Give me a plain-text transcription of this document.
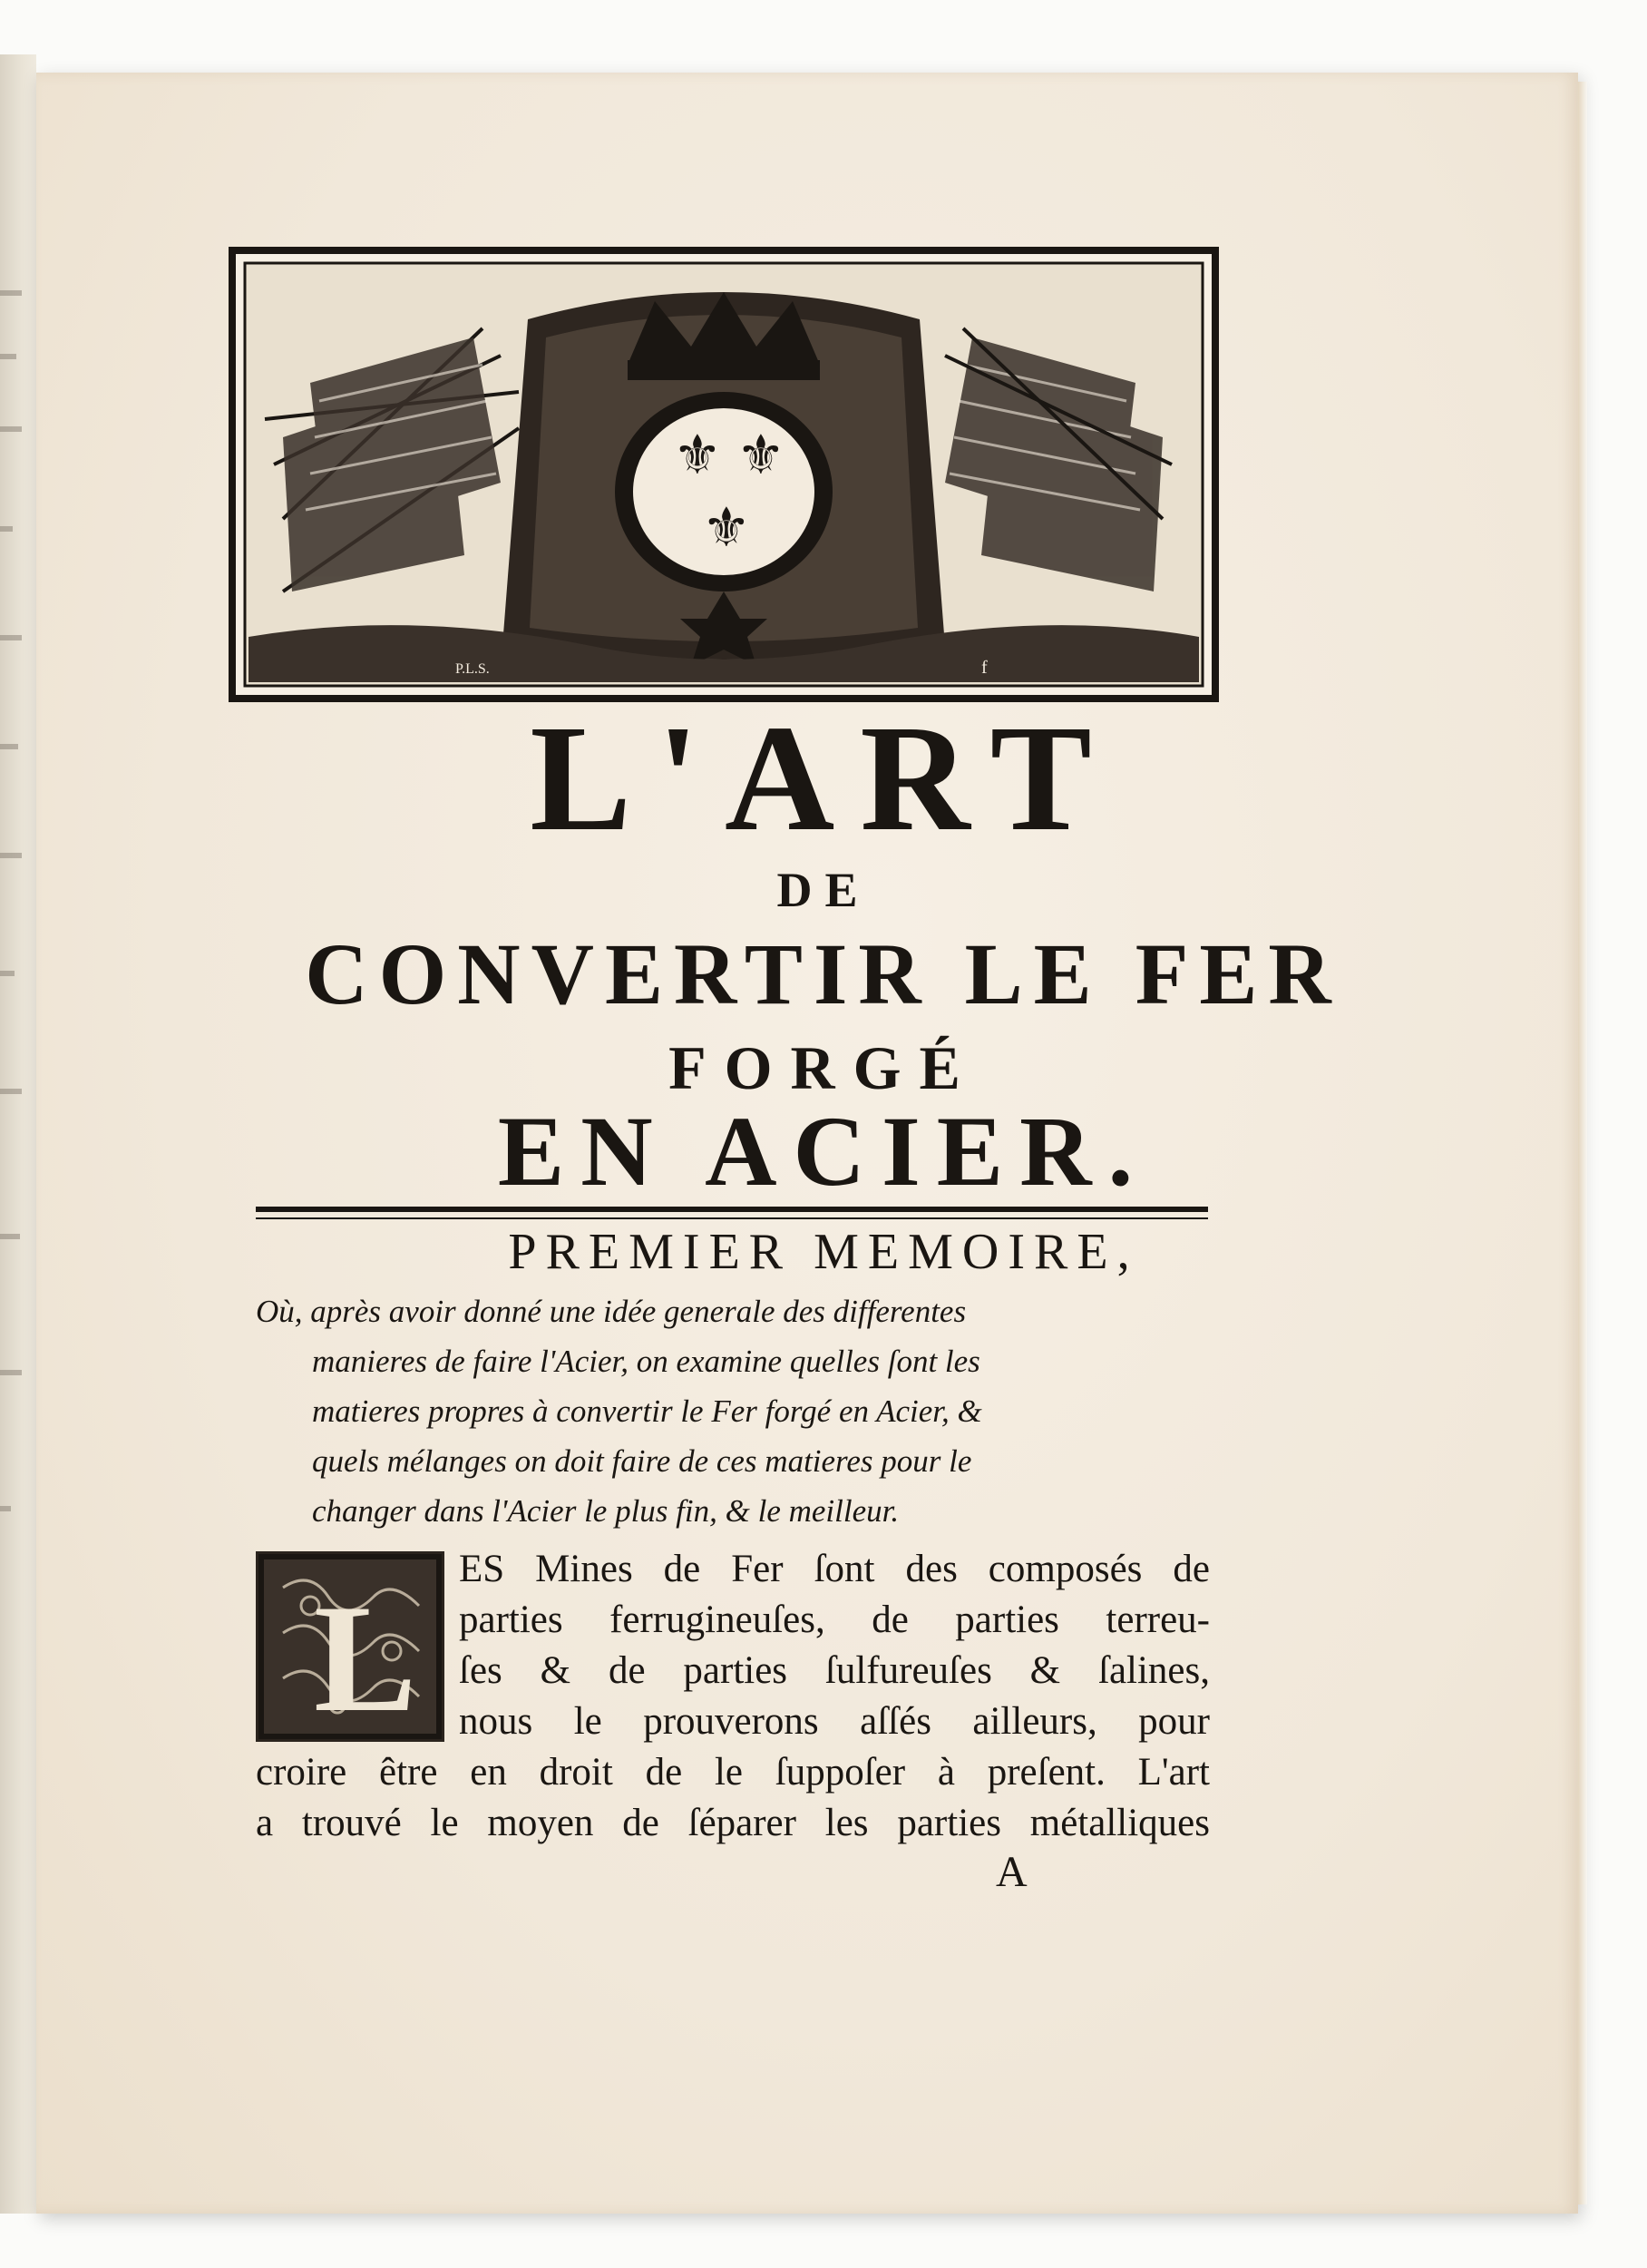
⚜ ⚜
⚜
P.L.S.	f
L'ART
DE
CONVERTIR LE FER
FORGÉ
EN ACIER.
PREMIER MEMOIRE,

Où, après avoir donné une idée generale des differentes

manieres de faire l'Acier, on examine quelles ſont les

matieres propres à convertir le Fer forgé en Acier, &

quels mélanges on doit faire de ces matieres pour le

changer dans l'Acier le plus fin, & le meilleur.

L
ES Mines de Fer ſont des composés de
parties ferrugineuſes, de parties terreu-
ſes & de parties ſulfureuſes & ſalines,
nous le prouverons aſſés ailleurs, pour
croire être en droit de le ſuppoſer à preſent. L'art
a trouvé le moyen de ſéparer les parties métalliques
A
